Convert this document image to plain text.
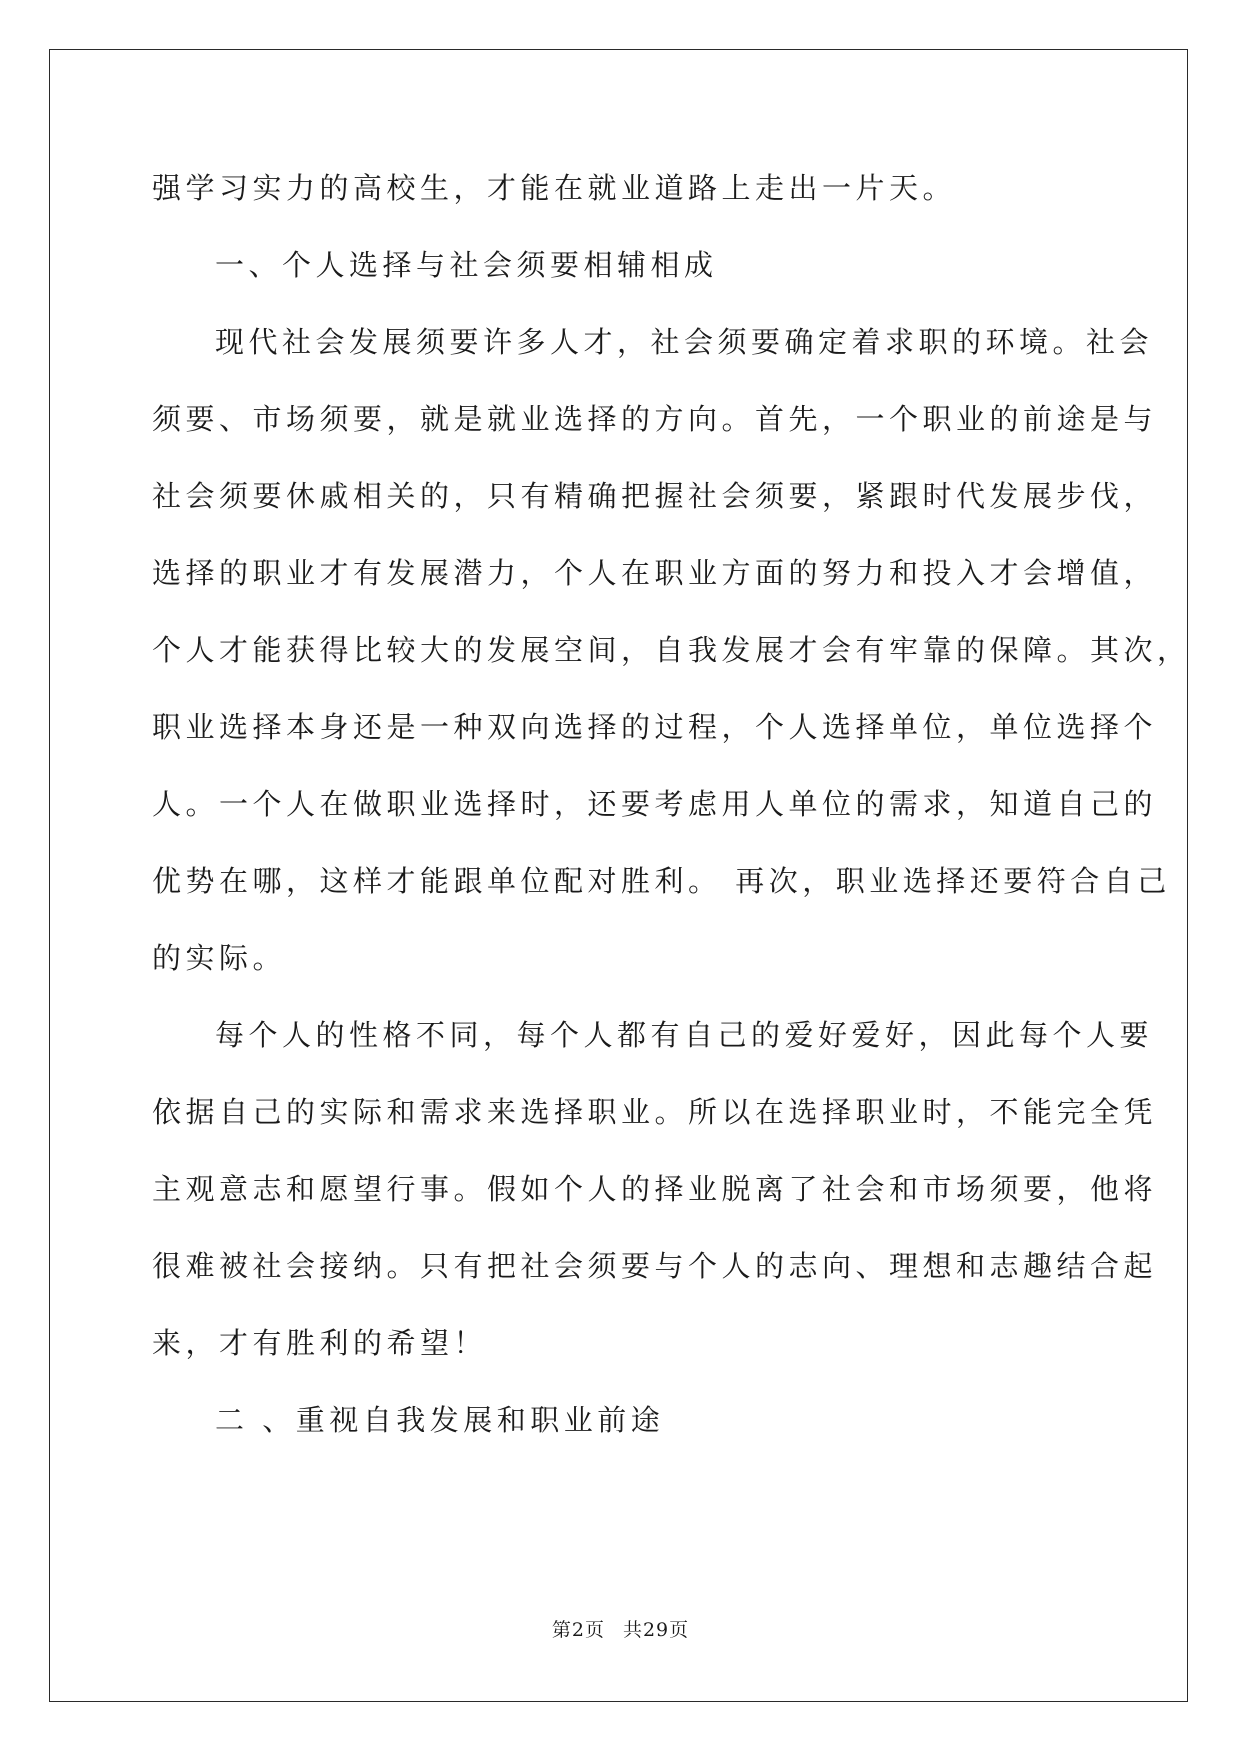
强学习实力的高校生，才能在就业道路上走出一片天。
一、个人选择与社会须要相辅相成
现代社会发展须要许多人才，社会须要确定着求职的环境。社会
须要、市场须要，就是就业选择的方向。首先，一个职业的前途是与
社会须要休戚相关的，只有精确把握社会须要，紧跟时代发展步伐，
选择的职业才有发展潜力，个人在职业方面的努力和投入才会增值，
个人才能获得比较大的发展空间，自我发展才会有牢靠的保障。其次，
职业选择本身还是一种双向选择的过程，个人选择单位，单位选择个
人。一个人在做职业选择时，还要考虑用人单位的需求，知道自己的
优势在哪，这样才能跟单位配对胜利。 再次，职业选择还要符合自己
的实际。
每个人的性格不同，每个人都有自己的爱好爱好，因此每个人要
依据自己的实际和需求来选择职业。所以在选择职业时，不能完全凭
主观意志和愿望行事。假如个人的择业脱离了社会和市场须要，他将
很难被社会接纳。只有把社会须要与个人的志向、理想和志趣结合起
来，才有胜利的希望！
二 、重视自我发展和职业前途
第2页 共29页
